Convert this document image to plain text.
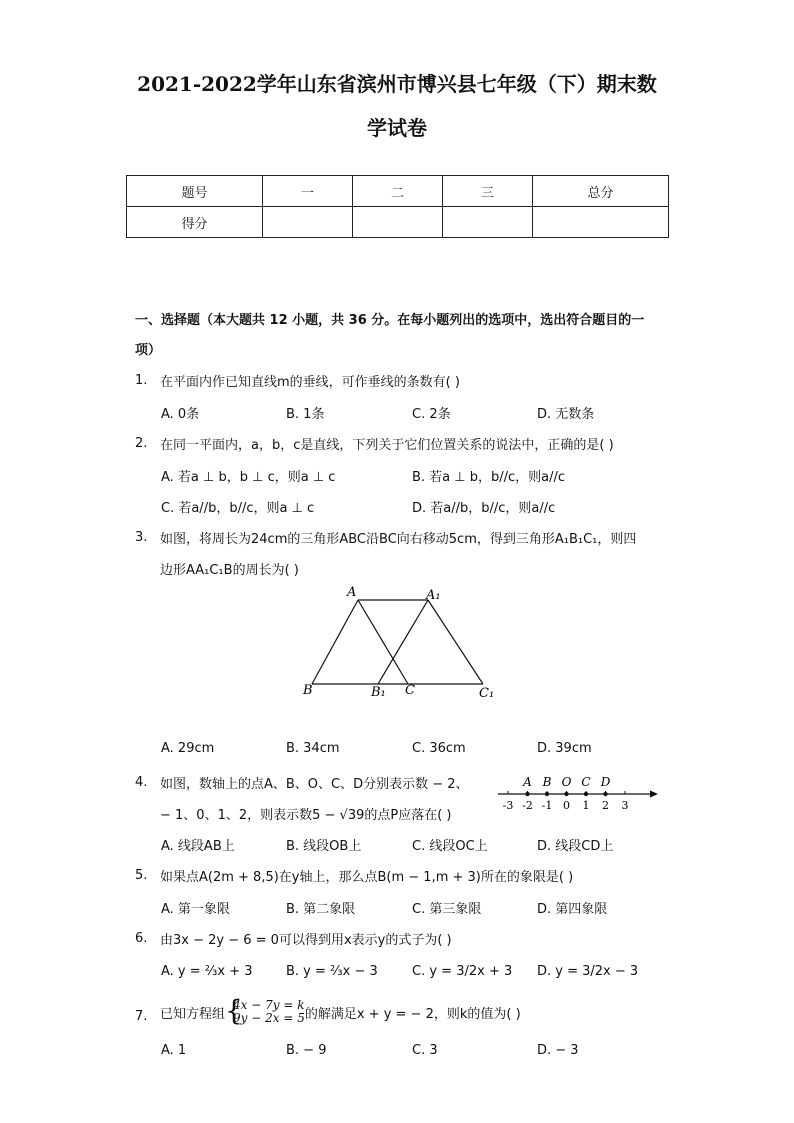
2021-2022学年山东省滨州市博兴县七年级（下）期末数
学试卷
题号	一	二	三	总分
得分				
一、选择题（本大题共 12 小题，共 36 分。在每小题列出的选项中，选出符合题目的一
项）
1. 在平面内作已知直线m的垂线，可作垂线的条数有( )
A. 0条	B. 1条	C. 2条	D. 无数条
2. 在同一平面内，a，b，c是直线，下列关于它们位置关系的说法中，正确的是( )
A. 若a ⊥ b，b ⊥ c，则a ⊥ c	B. 若a ⊥ b，b//c，则a//c
C. 若a//b，b//c，则a ⊥ c	D. 若a//b，b//c，则a//c
3. 如图，将周长为24cm的三角形ABC沿BC向右移动5cm，得到三角形A₁B₁C₁，则四
边形AA₁C₁B的周长为( )
A	A₁
B	B₁ C	C₁
A. 29cm	B. 34cm	C. 36cm	D. 39cm
4. 如图，数轴上的点A、B、O、C、D分别表示数 − 2、
− 1、0、1、2，则表示数5 − √39的点P应落在( )
-3 -2 -1 0 1 2 3
A B O C D
A. 线段AB上	B. 线段OB上	C. 线段OC上	D. 线段CD上
5. 如果点A(2m + 8,5)在y轴上，那么点B(m − 1,m + 3)所在的象限是( )
A. 第一象限	B. 第二象限	C. 第三象限	D. 第四象限
6. 由3x − 2y − 6 = 0可以得到用x表示y的式子为( )
A. y = ⅔x + 3	B. y = ⅔x − 3	C. y = 3/2x + 3 D. y = 3/2x − 3
7. 已知方程组 {
4x − 7y = k
9y − 2x = 5 的解满足x + y = − 2，则k的值为( )
A. 1	B. − 9	C. 3	D. − 3
